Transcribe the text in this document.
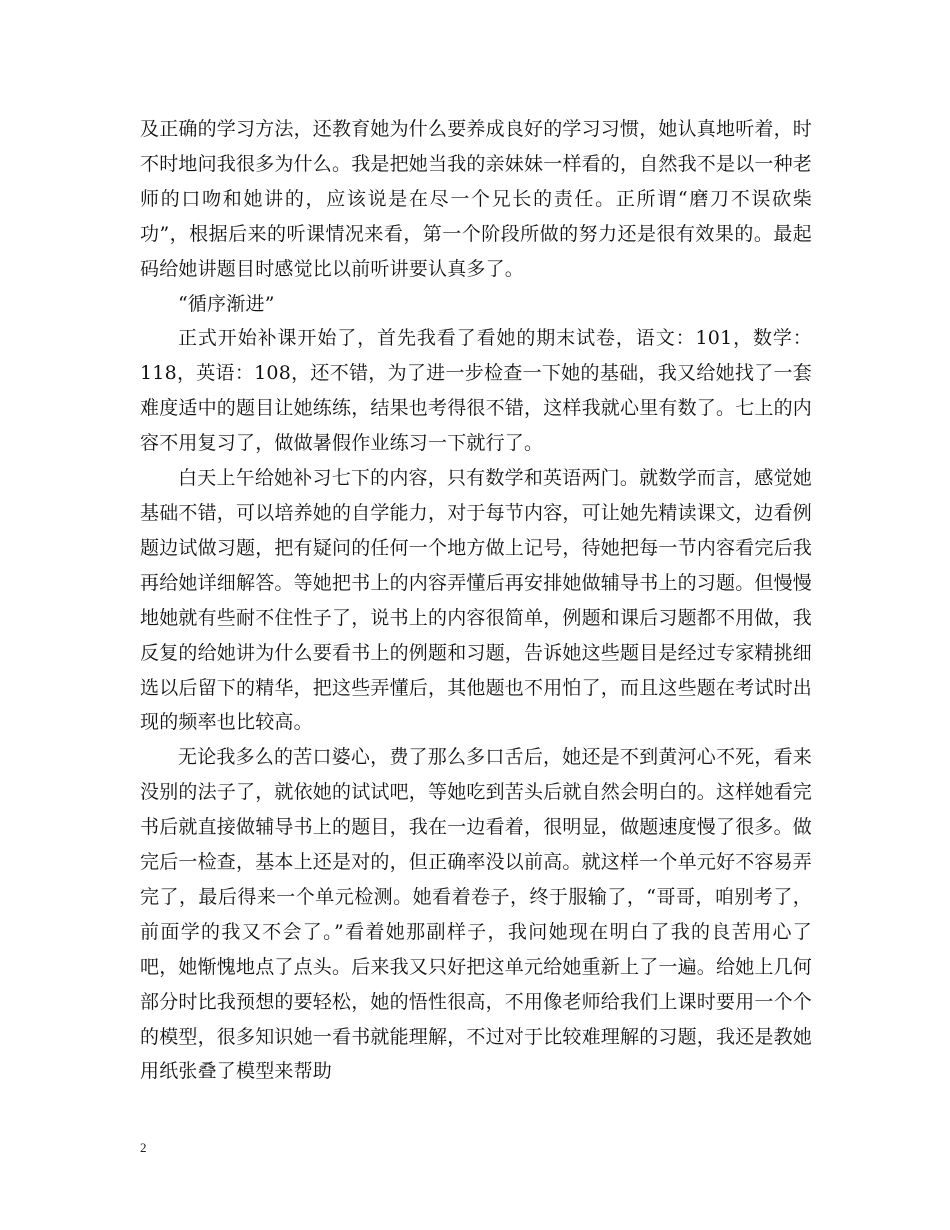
及正确的学习方法，还教育她为什么要养成良好的学习习惯，她认真地听着，时不时地问我很多为什么。我是把她当我的亲妹妹一样看的，自然我不是以一种老师的口吻和她讲的，应该说是在尽一个兄长的责任。正所谓“磨刀不误砍柴功”，根据后来的听课情况来看，第一个阶段所做的努力还是很有效果的。最起码给她讲题目时感觉比以前听讲要认真多了。

“循序渐进”

正式开始补课开始了，首先我看了看她的期末试卷，语文：101，数学：118，英语：108，还不错，为了进一步检查一下她的基础，我又给她找了一套难度适中的题目让她练练，结果也考得很不错，这样我就心里有数了。七上的内容不用复习了，做做暑假作业练习一下就行了。

白天上午给她补习七下的内容，只有数学和英语两门。就数学而言，感觉她基础不错，可以培养她的自学能力，对于每节内容，可让她先精读课文，边看例题边试做习题，把有疑问的任何一个地方做上记号，待她把每一节内容看完后我再给她详细解答。等她把书上的内容弄懂后再安排她做辅导书上的习题。但慢慢地她就有些耐不住性子了，说书上的内容很简单，例题和课后习题都不用做，我反复的给她讲为什么要看书上的例题和习题，告诉她这些题目是经过专家精挑细选以后留下的精华，把这些弄懂后，其他题也不用怕了，而且这些题在考试时出现的频率也比较高。

无论我多么的苦口婆心，费了那么多口舌后，她还是不到黄河心不死，看来没别的法子了，就依她的试试吧，等她吃到苦头后就自然会明白的。这样她看完书后就直接做辅导书上的题目，我在一边看着，很明显，做题速度慢了很多。做完后一检查，基本上还是对的，但正确率没以前高。就这样一个单元好不容易弄完了，最后得来一个单元检测。她看着卷子，终于服输了，“哥哥，咱别考了，前面学的我又不会了。”看着她那副样子，我问她现在明白了我的良苦用心了吧，她惭愧地点了点头。后来我又只好把这单元给她重新上了一遍。给她上几何部分时比我预想的要轻松，她的悟性很高，不用像老师给我们上课时要用一个个的模型，很多知识她一看书就能理解，不过对于比较难理解的习题，我还是教她用纸张叠了模型来帮助

2
